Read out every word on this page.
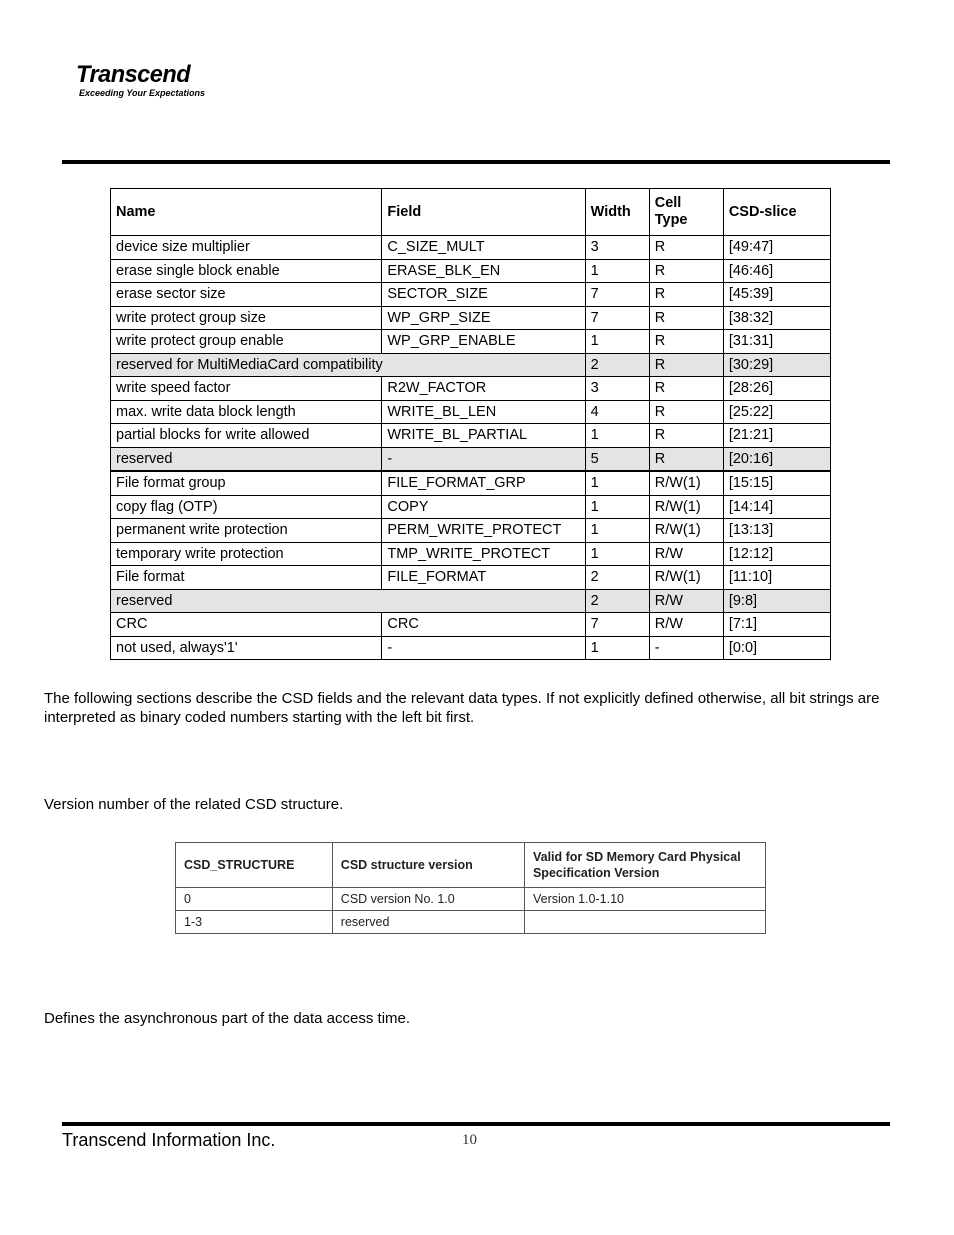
Transcend
Exceeding Your Expectations
Name	Field	Width	Cell Type	CSD-slice
device size multiplier	C_SIZE_MULT	3	R	[49:47]
erase single block enable	ERASE_BLK_EN	1	R	[46:46]
erase sector size	SECTOR_SIZE	7	R	[45:39]
write protect group size	WP_GRP_SIZE	7	R	[38:32]
write protect group enable	WP_GRP_ENABLE	1	R	[31:31]
reserved for MultiMediaCard compatibility		2	R	[30:29]
write speed factor	R2W_FACTOR	3	R	[28:26]
max. write data block length	WRITE_BL_LEN	4	R	[25:22]
partial blocks for write allowed	WRITE_BL_PARTIAL	1	R	[21:21]
reserved	-	5	R	[20:16]
File format group	FILE_FORMAT_GRP	1	R/W(1)	[15:15]
copy flag (OTP)	COPY	1	R/W(1)	[14:14]
permanent write protection	PERM_WRITE_PROTECT	1	R/W(1)	[13:13]
temporary write protection	TMP_WRITE_PROTECT	1	R/W	[12:12]
File format	FILE_FORMAT	2	R/W(1)	[11:10]
reserved		2	R/W	[9:8]
CRC	CRC	7	R/W	[7:1]
not used, always'1'	-	1	-	[0:0]
The following sections describe the CSD fields and the relevant data types. If not explicitly defined otherwise, all bit strings are interpreted as binary coded numbers starting with the left bit first.
Version number of the related CSD structure.
CSD_STRUCTURE	CSD structure version	Valid for SD Memory Card Physical Specification Version
0	CSD version No. 1.0	Version 1.0-1.10
1-3	reserved	
Defines the asynchronous part of the data access time.
Transcend Information Inc.	10
